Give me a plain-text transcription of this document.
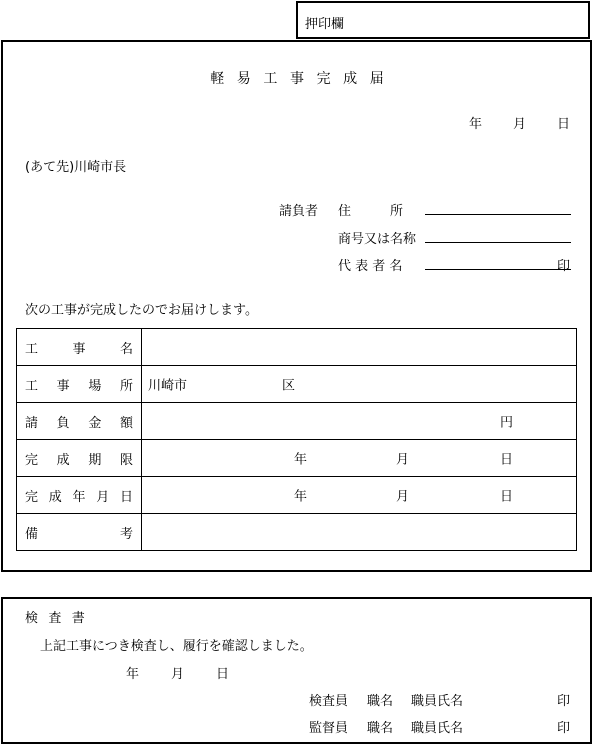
押印欄
軽易工事完成届
年 月 日
(あて先)川崎市長
請負者 住　　　所
商号又は名称
代 表 者 名	印
次の工事が完成したのでお届けします。
工 事 名	

工 事 場 所	川崎市 区

請 負 金 額	円

完 成 期 限	年 月 日

完 成 年 月 日	年 月 日

備 考	

検査書
上記工事につき検査し、履行を確認しました。
年 月 日
検査員 職名 職員氏名	印
監督員 職名 職員氏名	印
